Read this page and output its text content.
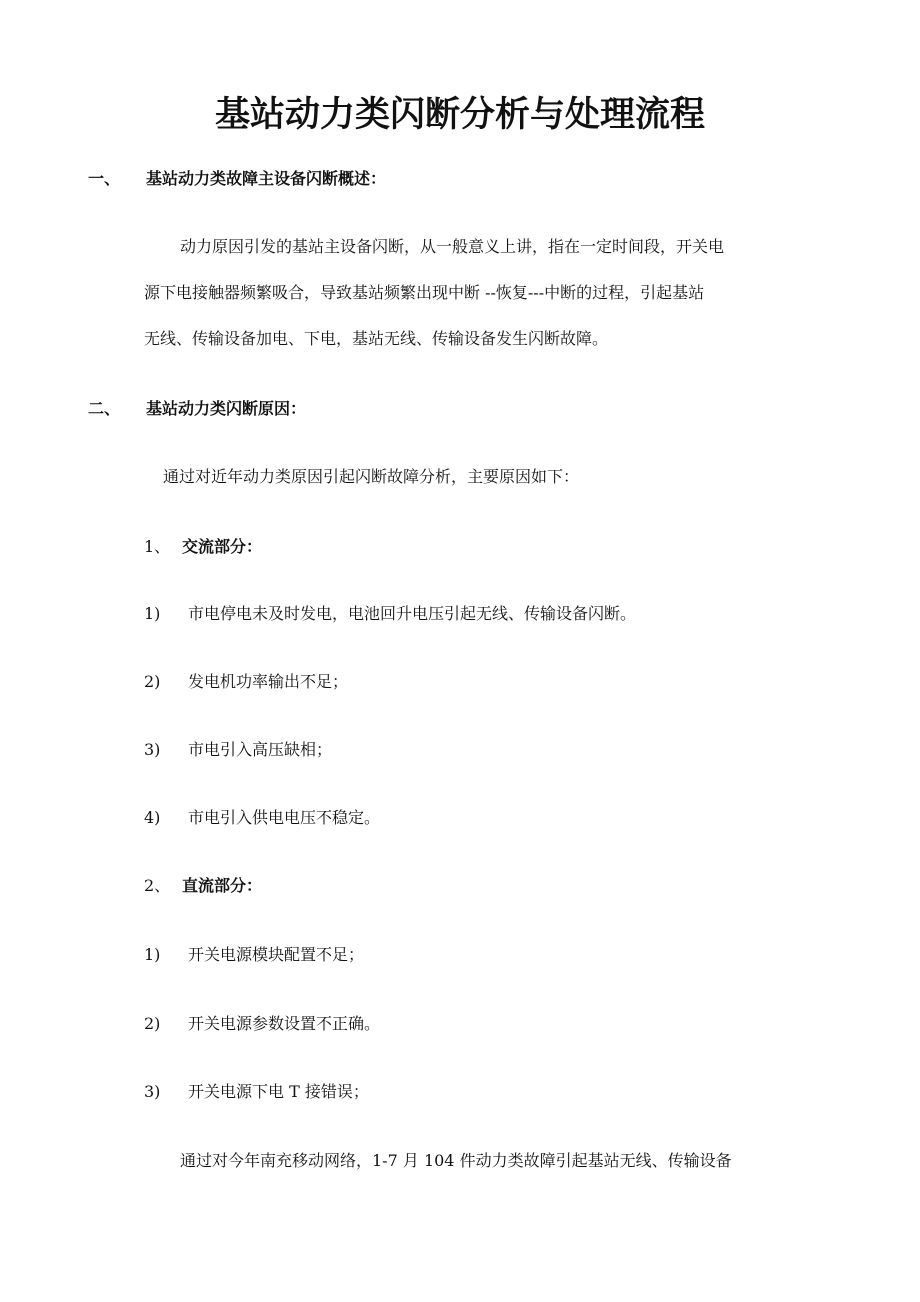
基站动力类闪断分析与处理流程
一、 基站动力类故障主设备闪断概述：

动力原因引发的基站主设备闪断，从一般意义上讲，指在一定时间段，开关电

源下电接触器频繁吸合，导致基站频繁出现中断 --恢复---中断的过程，引起基站

无线、传输设备加电、下电，基站无线、传输设备发生闪断故障。

二、 基站动力类闪断原因：

通过对近年动力类原因引起闪断故障分析，主要原因如下：

1、 交流部分：
1) 市电停电未及时发电，电池回升电压引起无线、传输设备闪断。
2) 发电机功率输出不足；
3) 市电引入高压缺相；
4) 市电引入供电电压不稳定。
2、 直流部分：
1) 开关电源模块配置不足；
2) 开关电源参数设置不正确。
3) 开关电源下电 T 接错误；

通过对今年南充移动网络，1-7 月 104 件动力类故障引起基站无线、传输设备
